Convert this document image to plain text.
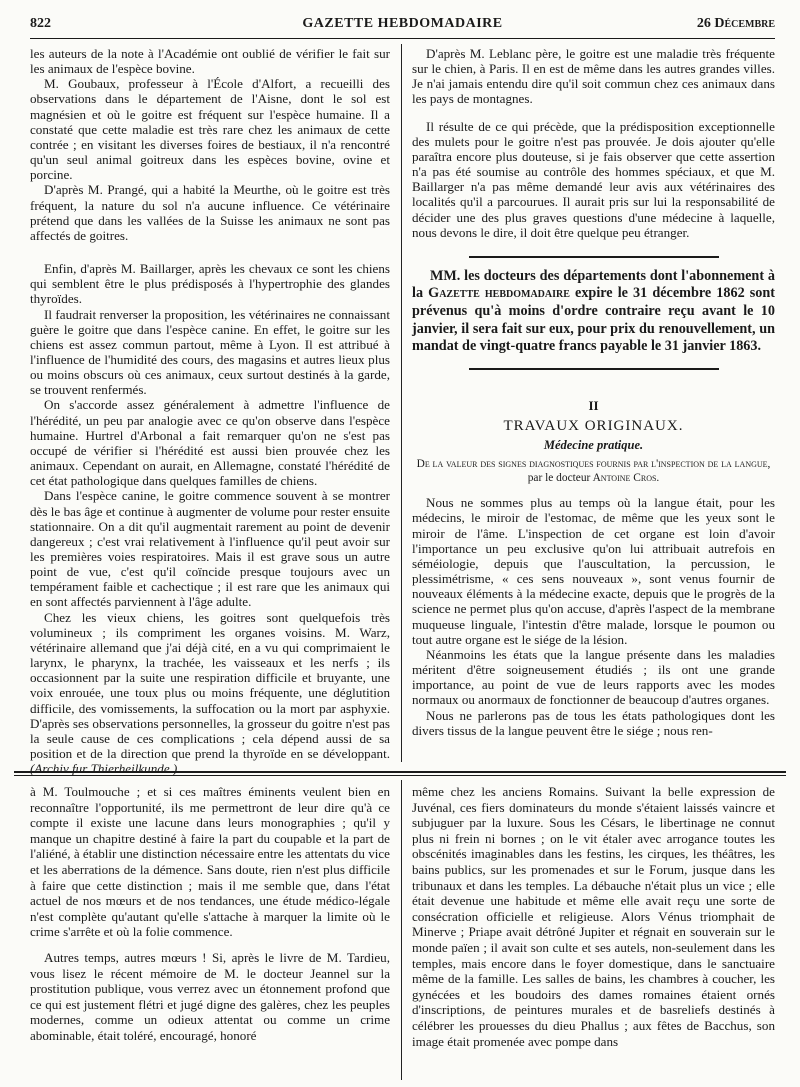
822	GAZETTE HEBDOMADAIRE	26 Décembre

les auteurs de la note à l'Académie ont oublié de vérifier le fait sur les animaux de l'espèce bovine.

M. Goubaux, professeur à l'École d'Alfort, a recueilli des observations dans le département de l'Aisne, dont le sol est magnésien et où le goitre est fréquent sur l'espèce humaine. Il a constaté que cette maladie est très rare chez les animaux de cette contrée ; en visitant les diverses foires de bestiaux, il n'a rencontré qu'un seul animal goitreux dans les espèces bovine, ovine et porcine.

D'après M. Prangé, qui a habité la Meurthe, où le goitre est très fréquent, la nature du sol n'a aucune influence. Ce vétérinaire prétend que dans les vallées de la Suisse les animaux ne sont pas affectés de goitres.

Enfin, d'après M. Baillarger, après les chevaux ce sont les chiens qui semblent être le plus prédisposés à l'hypertrophie des glandes thyroïdes.

Il faudrait renverser la proposition, les vétérinaires ne connaissant guère le goitre que dans l'espèce canine. En effet, le goitre sur les chiens est assez commun partout, même à Lyon. Il est attribué à l'influence de l'humidité des cours, des magasins et autres lieux plus ou moins obscurs où ces animaux, ceux surtout destinés à la garde, se trouvent renfermés.

On s'accorde assez généralement à admettre l'influence de l'hérédité, un peu par analogie avec ce qu'on observe dans l'espèce humaine. Hurtrel d'Arbonal a fait remarquer qu'on ne s'est pas occupé de vérifier si l'hérédité est aussi bien prouvée chez les animaux. Cependant on aurait, en Allemagne, constaté l'hérédité de cet état pathologique dans quelques familles de chiens.

Dans l'espèce canine, le goitre commence souvent à se montrer dès le bas âge et continue à augmenter de volume pour rester ensuite stationnaire. On a dit qu'il augmentait rarement au point de devenir dangereux ; c'est vrai relativement à l'influence qu'il peut avoir sur les premières voies respiratoires. Mais il est grave sous un autre point de vue, c'est qu'il coïncide presque toujours avec un tempérament faible et cachectique ; il est rare que les animaux qui en sont affectés parviennent à l'âge adulte.

Chez les vieux chiens, les goitres sont quelquefois très volumineux ; ils compriment les organes voisins. M. Warz, vétérinaire allemand que j'ai déjà cité, en a vu qui comprimaient le larynx, le pharynx, la trachée, les vaisseaux et les nerfs ; ils occasionnent par la suite une respiration difficile et bruyante, une voix enrouée, une toux plus ou moins fréquente, une déglutition difficile, des vomissements, la suffocation ou la mort par asphyxie. D'après ses observations personnelles, la grosseur du goitre n'est pas la seule cause de ces complications ; cela dépend aussi de sa position et de la direction que prend la thyroïde en se développant. (Archiv fur Thierheilkunde.)

D'après M. Leblanc père, le goitre est une maladie très fréquente sur le chien, à Paris. Il en est de même dans les autres grandes villes. Je n'ai jamais entendu dire qu'il soit commun chez ces animaux dans les pays de montagnes.

Il résulte de ce qui précède, que la prédisposition exceptionnelle des mulets pour le goitre n'est pas prouvée. Je dois ajouter qu'elle paraîtra encore plus douteuse, si je fais observer que cette assertion n'a pas été soumise au contrôle des hommes spéciaux, et que M. Baillarger n'a pas même demandé leur avis aux vétérinaires des localités qu'il a parcourues. Il aurait pris sur lui la responsabilité de décider une des plus graves questions d'une médecine à laquelle, nous devons le dire, il doit être quelque peu étranger.

MM. les docteurs des départements dont l'abonnement à la Gazette hebdomadaire expire le 31 décembre 1862 sont prévenus qu'à moins d'ordre contraire reçu avant le 10 janvier, il sera fait sur eux, pour prix du renouvellement, un mandat de vingt-quatre francs payable le 31 janvier 1863.

II
TRAVAUX ORIGINAUX.
Médecine pratique.
De la valeur des signes diagnostiques fournis par l'inspection de la langue, par le docteur Antoine Cros.

Nous ne sommes plus au temps où la langue était, pour les médecins, le miroir de l'estomac, de même que les yeux sont le miroir de l'âme. L'inspection de cet organe est loin d'avoir l'importance un peu exclusive qu'on lui attribuait autrefois en séméiologie, depuis que l'auscultation, la percussion, le plessimétrisme, « ces sens nouveaux », sont venus fournir de nouveaux éléments à la médecine exacte, depuis que le progrès de la science ne permet plus qu'on accuse, d'après l'aspect de la membrane muqueuse linguale, l'intestin d'être malade, lorsque le poumon ou tout autre organe est le siége de la lésion.

Néanmoins les états que la langue présente dans les maladies méritent d'être soigneusement étudiés ; ils ont une grande importance, au point de vue de leurs rapports avec les modes normaux ou anormaux de fonctionner de beaucoup d'autres organes.

Nous ne parlerons pas de tous les états pathologiques dont les divers tissus de la langue peuvent être le siége ; nous ren-

à M. Toulmouche ; et si ces maîtres éminents veulent bien en reconnaître l'opportunité, ils me permettront de leur dire qu'à ce compte il existe une lacune dans leurs monographies ; qu'il y manque un chapitre destiné à faire la part du coupable et la part de l'aliéné, à établir une distinction nécessaire entre les attentats du vice et les aberrations de la démence. Sans doute, rien n'est plus difficile à faire que cette distinction ; mais il me semble que, dans l'état actuel de nos mœurs et de nos tendances, une étude médico-légale n'est complète qu'autant qu'elle s'attache à marquer la limite où le crime s'arrête et où la folie commence.

Autres temps, autres mœurs ! Si, après le livre de M. Tardieu, vous lisez le récent mémoire de M. le docteur Jeannel sur la prostitution publique, vous verrez avec un étonnement profond que ce qui est justement flétri et jugé digne des galères, chez les peuples modernes, comme un odieux attentat ou comme un crime abominable, était toléré, encouragé, honoré

même chez les anciens Romains. Suivant la belle expression de Juvénal, ces fiers dominateurs du monde s'étaient laissés vaincre et subjuguer par la luxure. Sous les Césars, le libertinage ne connut plus ni frein ni bornes ; on le vit étaler avec arrogance toutes les obscénités imaginables dans les festins, les cirques, les théâtres, les bains publics, sur les promenades et sur le Forum, jusque dans les tribunaux et dans les temples. La débauche n'était plus un vice ; elle était devenue une habitude et même elle avait reçu une sorte de consécration officielle et religieuse. Alors Vénus triomphait de Minerve ; Priape avait détrôné Jupiter et régnait en souverain sur le monde païen ; il avait son culte et ses autels, non-seulement dans les temples, mais encore dans le foyer domestique, dans le sanctuaire même de la famille. Les salles de bains, les chambres à coucher, les gynécées et les boudoirs des dames romaines étaient ornés d'inscriptions, de peintures murales et de basreliefs destinés à célébrer les prouesses du dieu Phallus ; aux fêtes de Bacchus, son image était promenée avec pompe dans
